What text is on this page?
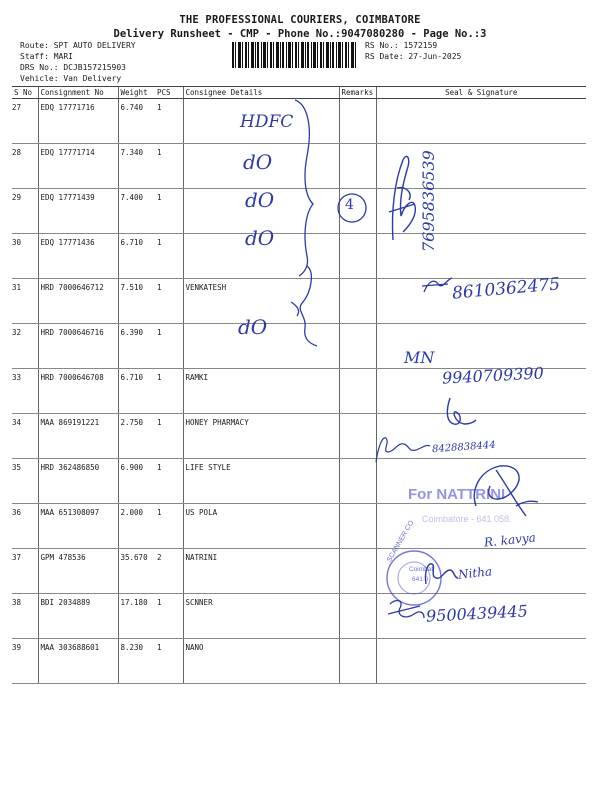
THE PROFESSIONAL COURIERS, COIMBATORE
Delivery Runsheet - CMP - Phone No.:9047080280 - Page No.:3
Route: SPT AUTO DELIVERY
Staff: MARI
DRS No.: DCJB157215903
Vehicle: Van Delivery
RS No.: 1572159
RS Date: 27-Jun-2025
S No	Consignment No	Weight	PCS	Consignee Details	Remarks	Seal & Signature
27	EDQ 17771716	6.740	1			
28	EDQ 17771714	7.340	1			
29	EDQ 17771439	7.400	1			
30	EDQ 17771436	6.710	1			
31	HRD 7000646712	7.510	1	VENKATESH		
32	HRD 7000646716	6.390	1			
33	HRD 7000646708	6.710	1	RAMKI		
34	MAA 869191221	2.750	1	HONEY PHARMACY		
35	HRD 362486850	6.900	1	LIFE STYLE		
36	MAA 651308097	2.000	1	US POLA		
37	GPM 478536	35.670	2	NATRINI		
38	BDI 2034889	17.180	1	SCNNER		
39	MAA 303688601	8.230	1	NANO		
HDFC
dO
dO
dO
dO
4	7695836539
8610362475
MN
9940709390
8428838444
For NATTRINI
Coimbatore - 641 058.
R. kavya
SCANNER CO
Coimbat
641 0 Nitha
9500439445
